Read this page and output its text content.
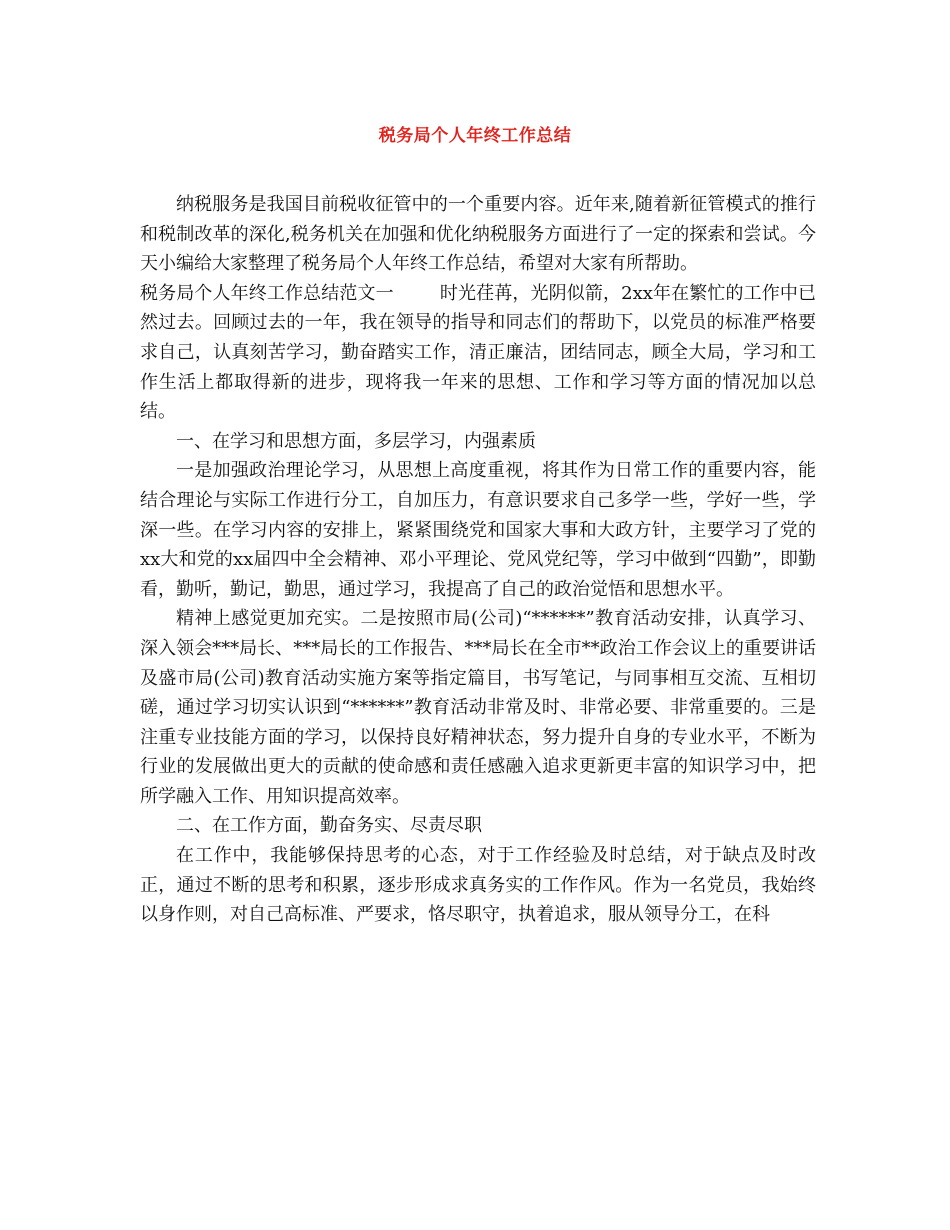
税务局个人年终工作总结

纳税服务是我国目前税收征管中的一个重要内容。近年来,随着新征管模式的推行和税制改革的深化,税务机关在加强和优化纳税服务方面进行了一定的探索和尝试。今天小编给大家整理了税务局个人年终工作总结，希望对大家有所帮助。

税务局个人年终工作总结范文一	时光荏苒，光阴似箭，2xx年在繁忙的工作中已然过去。回顾过去的一年，我在领导的指导和同志们的帮助下，以党员的标准严格要求自己，认真刻苦学习，勤奋踏实工作，清正廉洁，团结同志，顾全大局，学习和工作生活上都取得新的进步，现将我一年来的思想、工作和学习等方面的情况加以总结。

一、在学习和思想方面，多层学习，内强素质

一是加强政治理论学习，从思想上高度重视，将其作为日常工作的重要内容，能结合理论与实际工作进行分工，自加压力，有意识要求自己多学一些，学好一些，学深一些。在学习内容的安排上，紧紧围绕党和国家大事和大政方针，主要学习了党的xx大和党的xx届四中全会精神、邓小平理论、党风党纪等，学习中做到“四勤”，即勤看，勤听，勤记，勤思，通过学习，我提高了自己的政治觉悟和思想水平。

精神上感觉更加充实。二是按照市局(公司)“******”教育活动安排，认真学习、深入领会***局长、***局长的工作报告、***局长在全市**政治工作会议上的重要讲话及盛市局(公司)教育活动实施方案等指定篇目，书写笔记，与同事相互交流、互相切磋，通过学习切实认识到“******”教育活动非常及时、非常必要、非常重要的。三是注重专业技能方面的学习，以保持良好精神状态，努力提升自身的专业水平，不断为行业的发展做出更大的贡献的使命感和责任感融入追求更新更丰富的知识学习中，把所学融入工作、用知识提高效率。

二、在工作方面，勤奋务实、尽责尽职

在工作中，我能够保持思考的心态，对于工作经验及时总结，对于缺点及时改正，通过不断的思考和积累，逐步形成求真务实的工作作风。作为一名党员，我始终以身作则，对自己高标准、严要求，恪尽职守，执着追求，服从领导分工，在科
